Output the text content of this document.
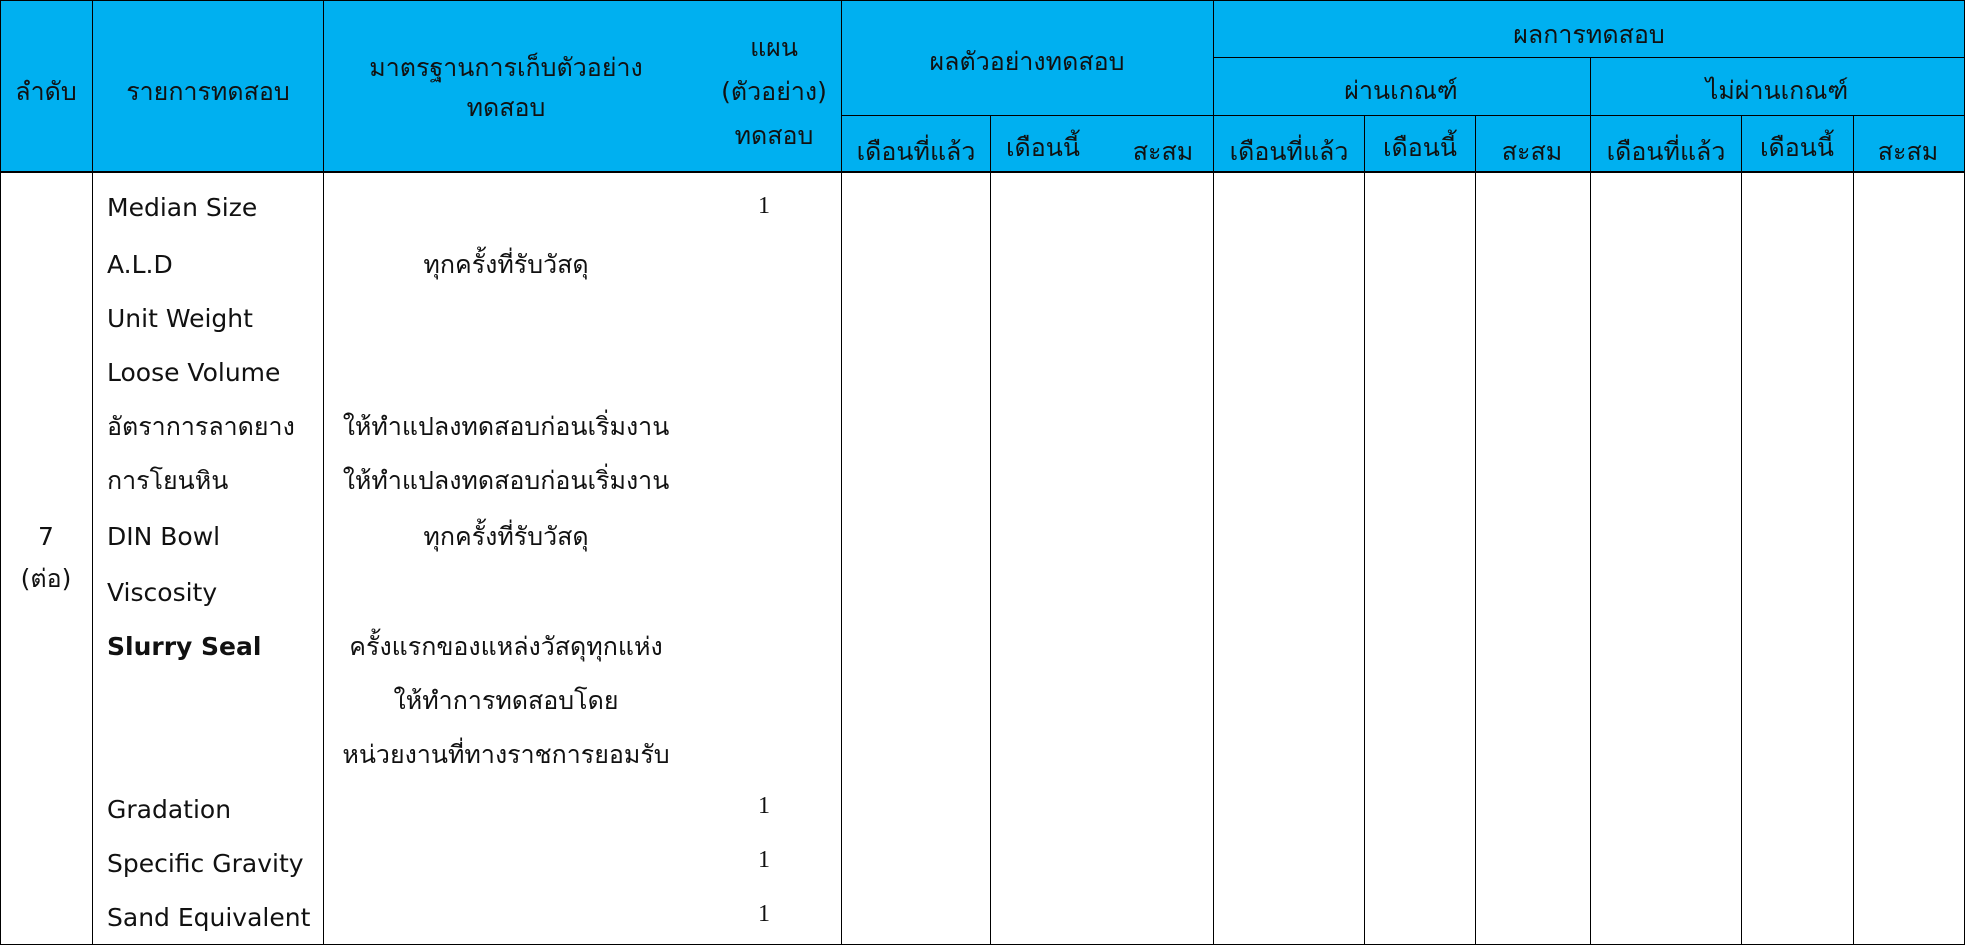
ลำดับ รายการทดสอบ
มาตรฐานการเก็บตัวอย่าง
ทดสอบ
แผน
(ตัวอย่าง)
ทดสอบ
ผลตัวอย่างทดสอบ
ผลการทดสอบ
ผ่านเกณฑ์	ไม่ผ่านเกณฑ์
เดือนที่แล้ว เดือนนี้ สะสม เดือนที่แล้ว เดือนนี้ สะสม เดือนที่แล้ว เดือนนี้ สะสม
7
(ต่อ)
Median Size
A.L.D
Unit Weight
Loose Volume
อัตราการลาดยาง
การโยนหิน
DIN Bowl
Viscosity
Slurry Seal
Gradation
Specific Gravity
Sand Equivalent
ทุกครั้งที่รับวัสดุ
ให้ทำแปลงทดสอบก่อนเริ่มงาน
ให้ทำแปลงทดสอบก่อนเริ่มงาน
ทุกครั้งที่รับวัสดุ
ครั้งแรกของแหล่งวัสดุทุกแห่ง
ให้ทำการทดสอบโดย
หน่วยงานที่ทางราชการยอมรับ
1
1
1
1
